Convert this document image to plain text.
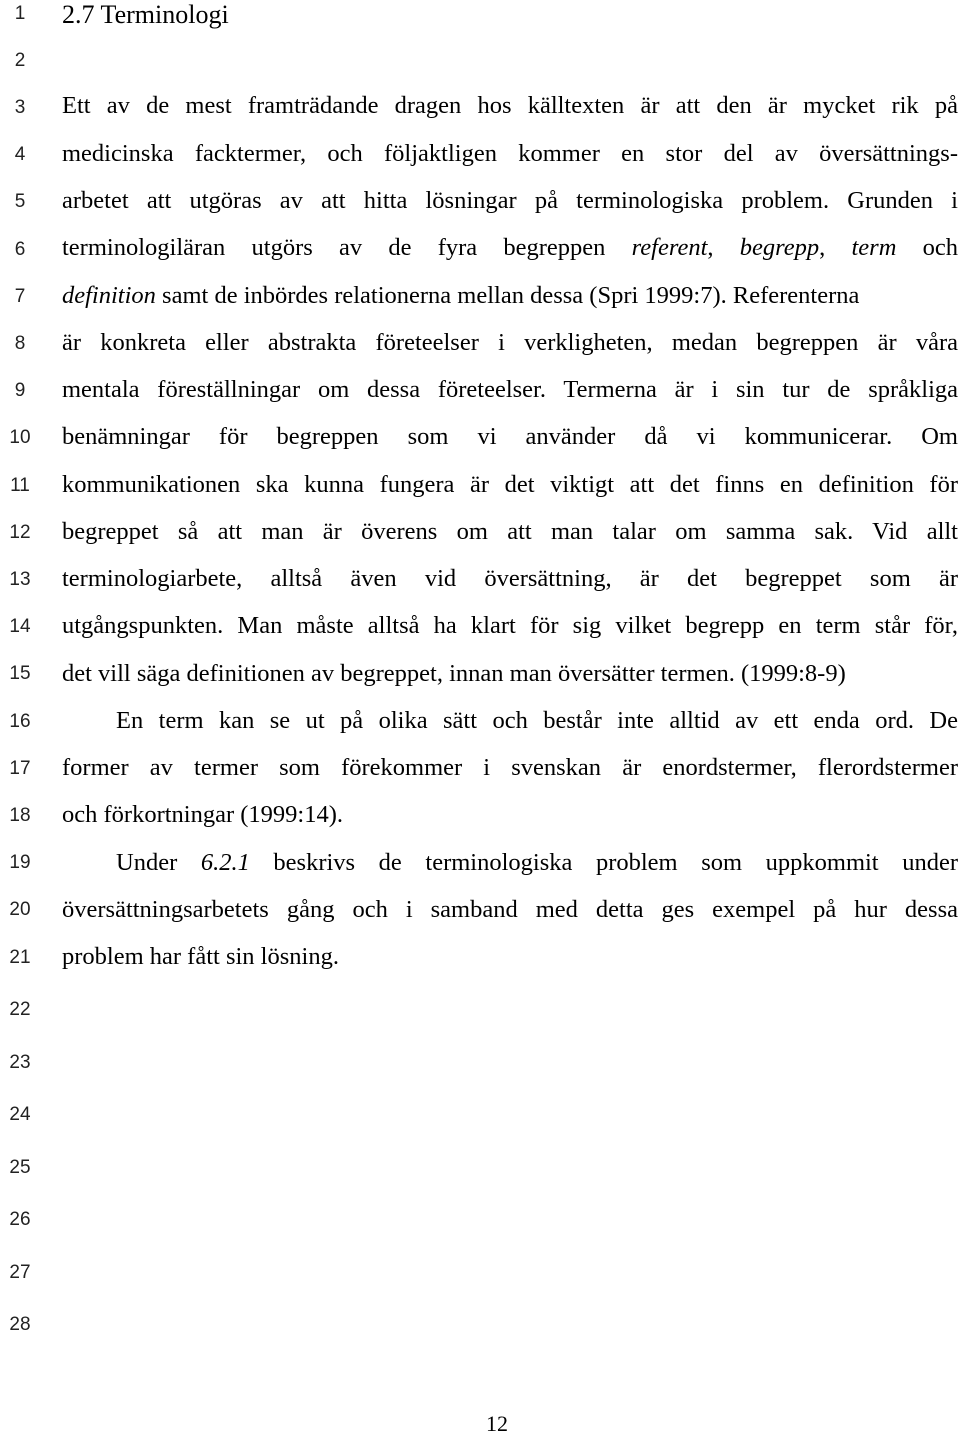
1
2
3
4
5
6
7
8
9
10
11
12
13
14
15
16
17
18
19
20
21
22
23
24
25
26
27
28
2.7 Terminologi
Ett av de mest framträdande dragen hos källtexten är att den är mycket rik på
medicinska facktermer, och följaktligen kommer en stor del av översättnings-
arbetet att utgöras av att hitta lösningar på terminologiska problem. Grunden i
terminologiläran utgörs av de fyra begreppen referent, begrepp, term och
definition samt de inbördes relationerna mellan dessa (Spri 1999:7). Referenterna
är konkreta eller abstrakta företeelser i verkligheten, medan begreppen är våra
mentala föreställningar om dessa företeelser. Termerna är i sin tur de språkliga
benämningar för begreppen som vi använder då vi kommunicerar. Om
kommunikationen ska kunna fungera är det viktigt att det finns en definition för
begreppet så att man är överens om att man talar om samma sak. Vid allt
terminologiarbete, alltså även vid översättning, är det begreppet som är
utgångspunkten. Man måste alltså ha klart för sig vilket begrepp en term står för,
det vill säga definitionen av begreppet, innan man översätter termen. (1999:8-9)
En term kan se ut på olika sätt och består inte alltid av ett enda ord. De
former av termer som förekommer i svenskan är enordstermer, flerordstermer
och förkortningar (1999:14).
Under 6.2.1 beskrivs de terminologiska problem som uppkommit under
översättningsarbetets gång och i samband med detta ges exempel på hur dessa
problem har fått sin lösning.
12
